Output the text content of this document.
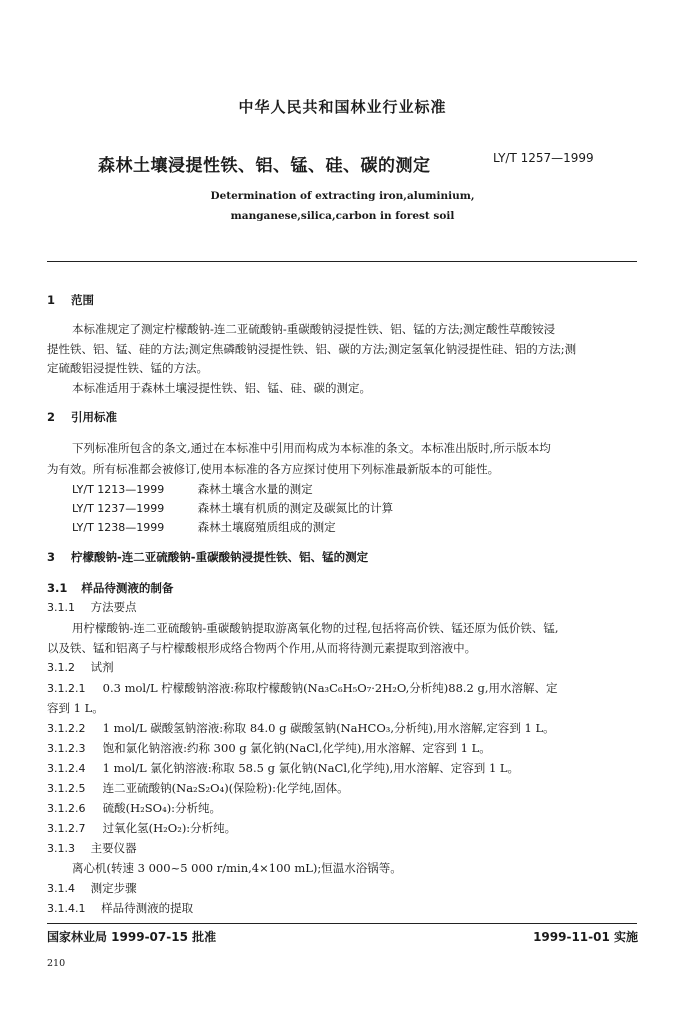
中华人民共和国林业行业标准
森林土壤浸提性铁、铝、锰、硅、碳的测定	LY/T 1257—1999
Determination of extracting iron,aluminium,
manganese,silica,carbon in forest soil
1 范围
本标准规定了测定柠檬酸钠-连二亚硫酸钠-重碳酸钠浸提性铁、铝、锰的方法;测定酸性草酸铵浸
提性铁、铝、锰、硅的方法;测定焦磷酸钠浸提性铁、铝、碳的方法;测定氢氧化钠浸提性硅、铝的方法;测
定硫酸铝浸提性铁、锰的方法。
本标准适用于森林土壤浸提性铁、铝、锰、硅、碳的测定。
2 引用标准
下列标准所包含的条文,通过在本标准中引用而构成为本标准的条文。本标准出版时,所示版本均
为有效。所有标准都会被修订,使用本标准的各方应探讨使用下列标准最新版本的可能性。
LY/T 1213—1999	森林土壤含水量的测定
LY/T 1237—1999	森林土壤有机质的测定及碳氮比的计算
LY/T 1238—1999	森林土壤腐殖质组成的测定
3 柠檬酸钠-连二亚硫酸钠-重碳酸钠浸提性铁、铝、锰的测定
3.1 样品待测液的制备
3.1.1 方法要点
用柠檬酸钠-连二亚硫酸钠-重碳酸钠提取游离氧化物的过程,包括将高价铁、锰还原为低价铁、锰,
以及铁、锰和铝离子与柠檬酸根形成络合物两个作用,从而将待测元素提取到溶液中。
3.1.2 试剂
3.1.2.1 0.3 mol/L 柠檬酸钠溶液:称取柠檬酸钠(Na₃C₆H₅O₇·2H₂O,分析纯)88.2 g,用水溶解、定
容到 1 L。
3.1.2.2 1 mol/L 碳酸氢钠溶液:称取 84.0 g 碳酸氢钠(NaHCO₃,分析纯),用水溶解,定容到 1 L。
3.1.2.3 饱和氯化钠溶液:约称 300 g 氯化钠(NaCl,化学纯),用水溶解、定容到 1 L。
3.1.2.4 1 mol/L 氯化钠溶液:称取 58.5 g 氯化钠(NaCl,化学纯),用水溶解、定容到 1 L。
3.1.2.5 连二亚硫酸钠(Na₂S₂O₄)(保险粉):化学纯,固体。
3.1.2.6 硫酸(H₂SO₄):分析纯。
3.1.2.7 过氧化氢(H₂O₂):分析纯。
3.1.3 主要仪器
离心机(转速 3 000~5 000 r/min,4×100 mL);恒温水浴锅等。
3.1.4 测定步骤
3.1.4.1 样品待测液的提取
国家林业局 1999-07-15 批准	1999-11-01 实施
210
